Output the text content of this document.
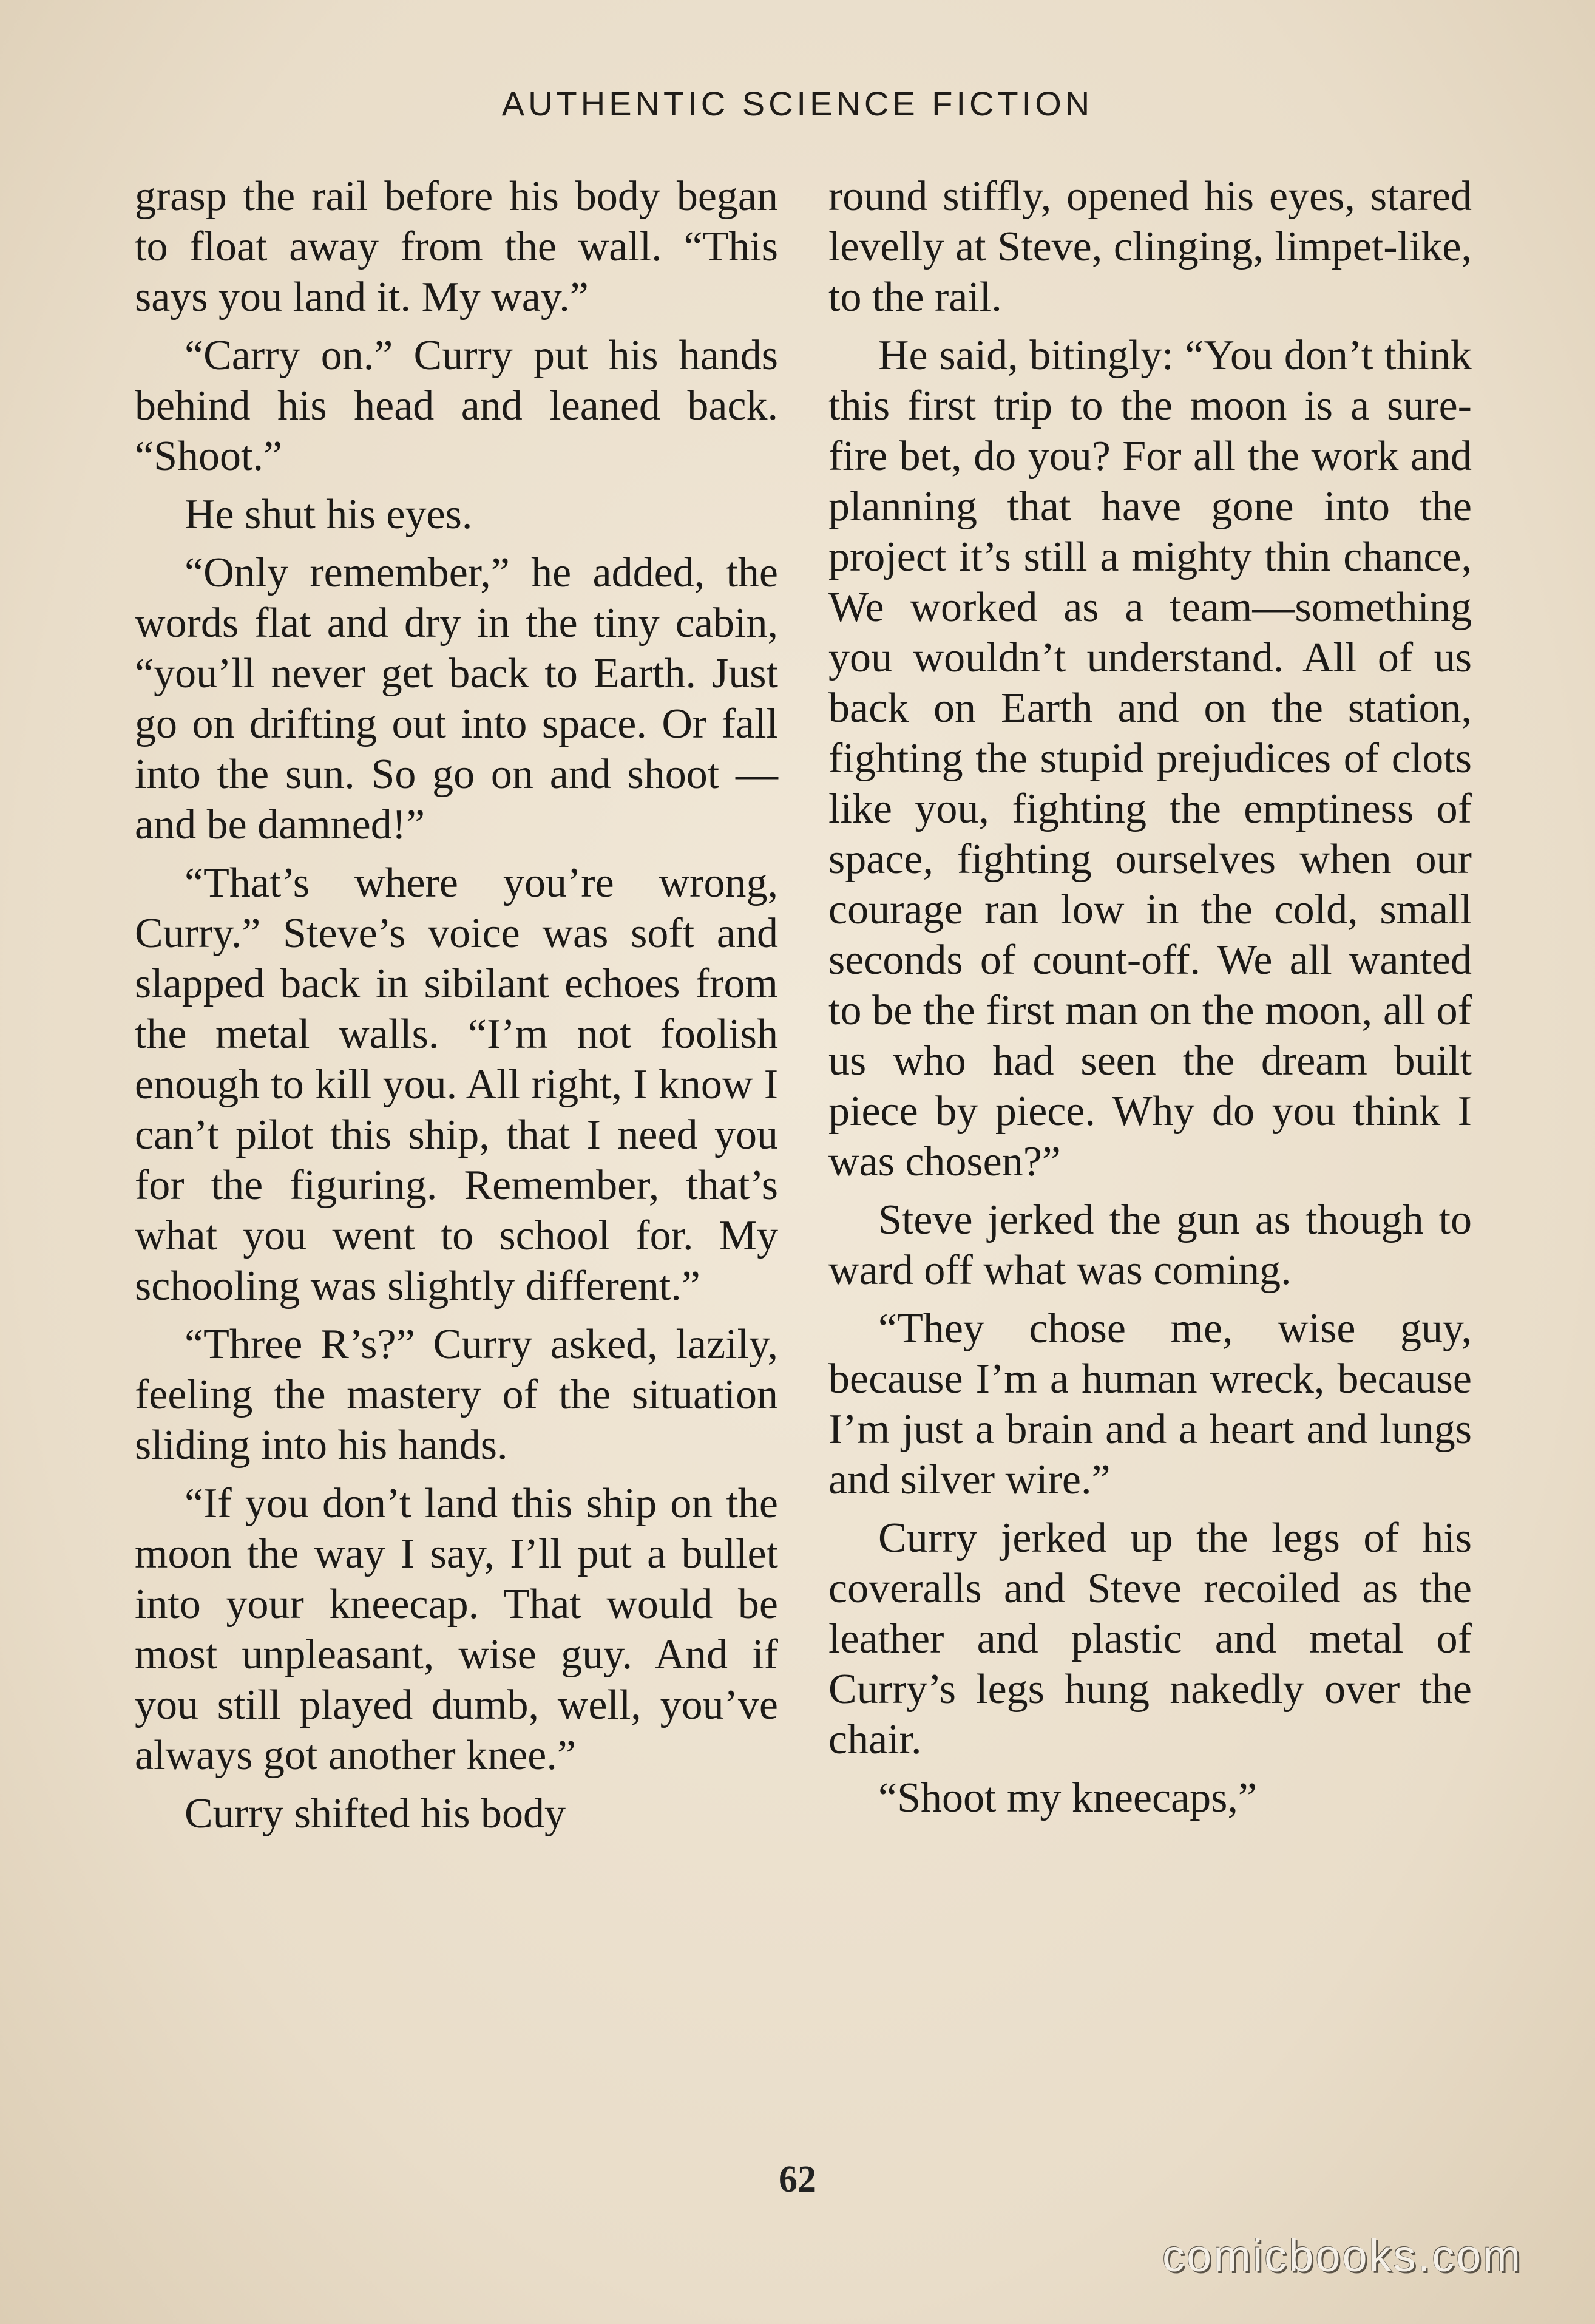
AUTHENTIC SCIENCE FICTION

grasp the rail before his body began to float away from the wall. “This says you land it. My way.”

“Carry on.” Curry put his hands behind his head and leaned back. “Shoot.”

He shut his eyes.

“Only remember,” he added, the words flat and dry in the tiny cabin, “you’ll never get back to Earth. Just go on drifting out into space. Or fall into the sun. So go on and shoot — and be damned!”

“That’s where you’re wrong, Curry.” Steve’s voice was soft and slapped back in sibilant echoes from the metal walls. “I’m not foolish enough to kill you. All right, I know I can’t pilot this ship, that I need you for the figuring. Remember, that’s what you went to school for. My schooling was slightly different.”

“Three R’s?” Curry asked, lazily, feeling the mastery of the situation sliding into his hands.

“If you don’t land this ship on the moon the way I say, I’ll put a bullet into your kneecap. That would be most unpleasant, wise guy. And if you still played dumb, well, you’ve always got another knee.”

Curry shifted his body

round stiffly, opened his eyes, stared levelly at Steve, clinging, limpet-like, to the rail.

He said, bitingly: “You don’t think this first trip to the moon is a sure-fire bet, do you? For all the work and planning that have gone into the project it’s still a mighty thin chance, We worked as a team—something you wouldn’t understand. All of us back on Earth and on the station, fighting the stupid prejudices of clots like you, fighting the emptiness of space, fighting ourselves when our courage ran low in the cold, small seconds of count-off. We all wanted to be the first man on the moon, all of us who had seen the dream built piece by piece. Why do you think I was chosen?”

Steve jerked the gun as though to ward off what was coming.

“They chose me, wise guy, because I’m a human wreck, because I’m just a brain and a heart and lungs and silver wire.”

Curry jerked up the legs of his coveralls and Steve recoiled as the leather and plastic and metal of Curry’s legs hung nakedly over the chair.

“Shoot my kneecaps,”

62
comicbooks.com
